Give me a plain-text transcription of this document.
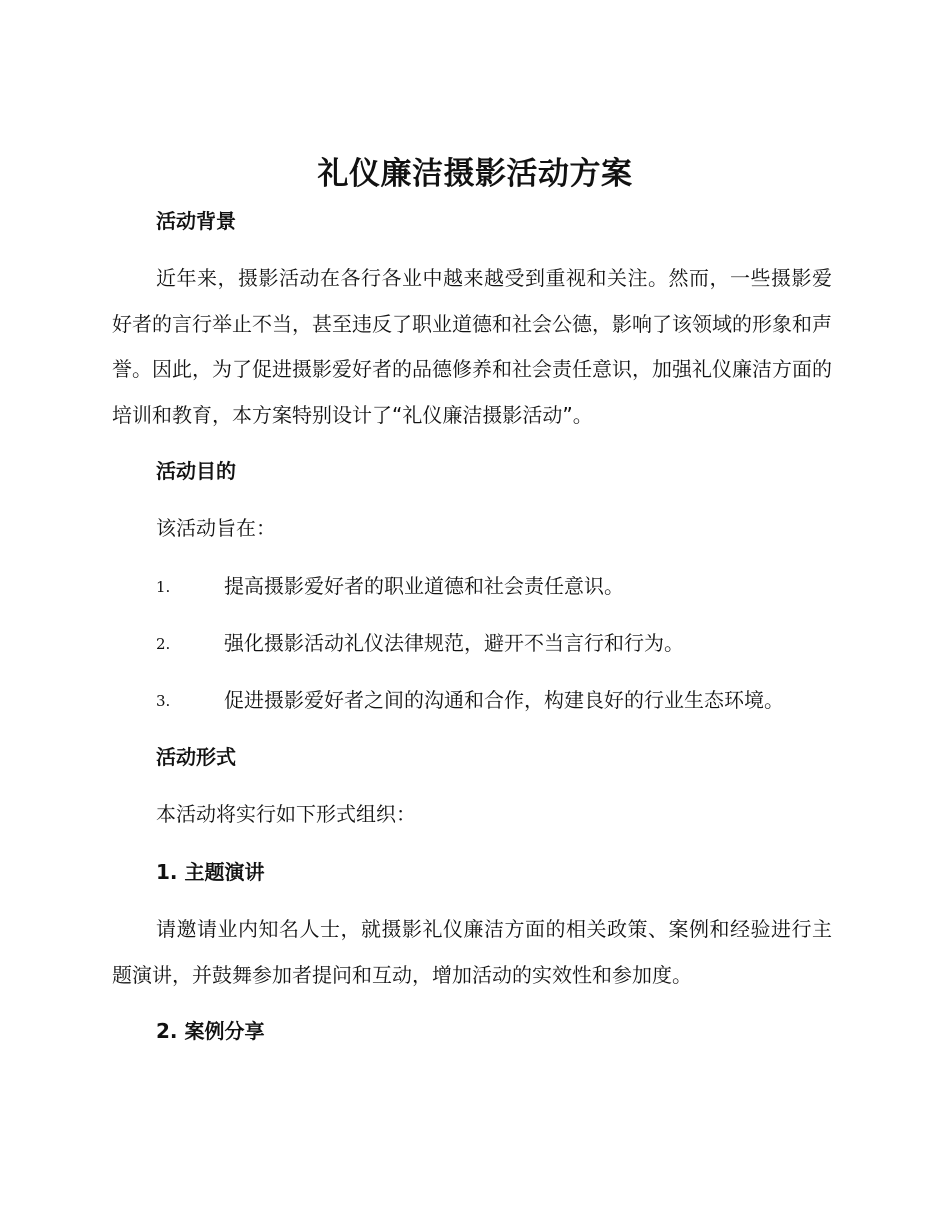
礼仪廉洁摄影活动方案
活动背景

近年来，摄影活动在各行各业中越来越受到重视和关注。然而，一些摄影爱好者的言行举止不当，甚至违反了职业道德和社会公德，影响了该领域的形象和声誉。因此，为了促进摄影爱好者的品德修养和社会责任意识，加强礼仪廉洁方面的培训和教育，本方案特别设计了“礼仪廉洁摄影活动”。

活动目的

该活动旨在：

1.	提高摄影爱好者的职业道德和社会责任意识。
2.	强化摄影活动礼仪法律规范，避开不当言行和行为。
3.	促进摄影爱好者之间的沟通和合作，构建良好的行业生态环境。
活动形式

本活动将实行如下形式组织：

1. 主题演讲

请邀请业内知名人士，就摄影礼仪廉洁方面的相关政策、案例和经验进行主题演讲，并鼓舞参加者提问和互动，增加活动的实效性和参加度。

2. 案例分享
